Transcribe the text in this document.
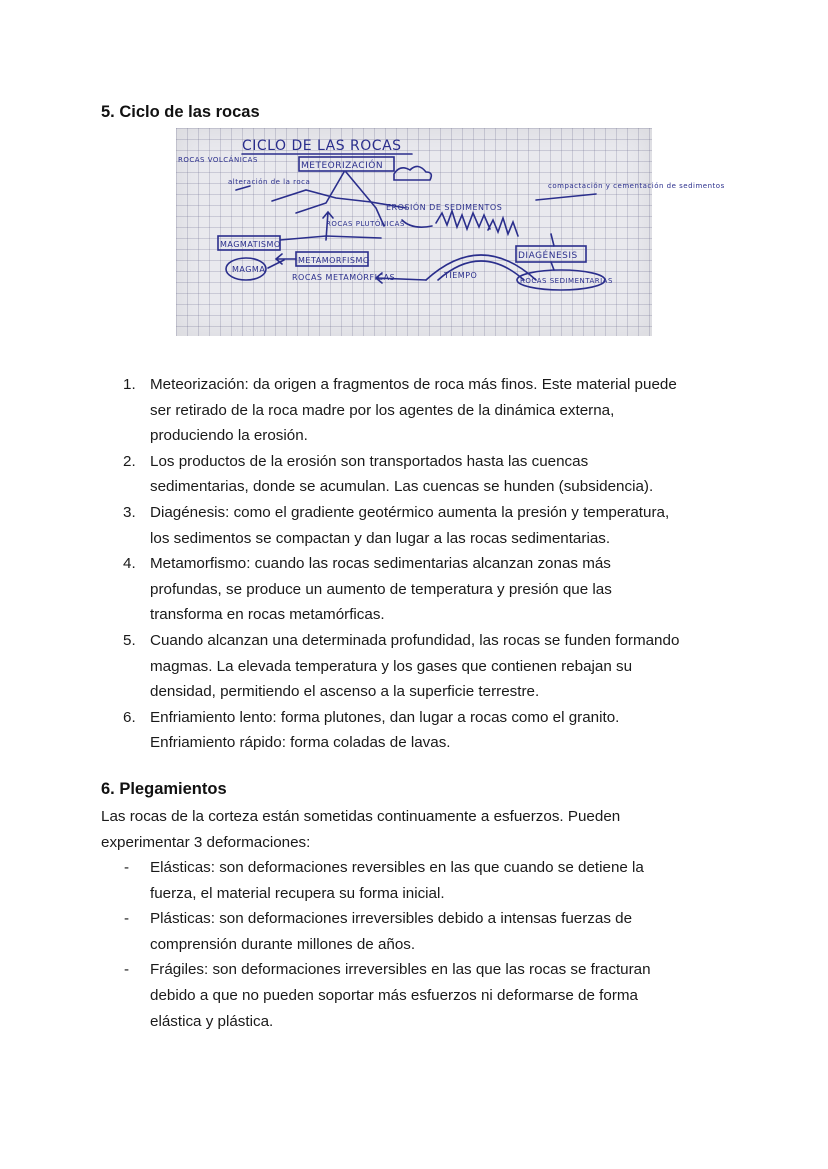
5. Ciclo de las rocas
CICLO DE LAS ROCAS
ROCAS VOLCÁNICAS
METEORIZACIÓN
alteración de la roca
EROSIÓN DE SEDIMENTOS
compactación y cementación de sedimentos
ROCAS PLUTÓNICAS
MAGMATISMO
MAGMA
METAMORFISMO
ROCAS METAMÓRFICAS
DIAGÉNESIS
ROCAS SEDIMENTARIAS
TIEMPO
1. Meteorización: da origen a fragmentos de roca más finos. Este material puede
ser retirado de la roca madre por los agentes de la dinámica externa,
produciendo la erosión.
2. Los productos de la erosión son transportados hasta las cuencas
sedimentarias, donde se acumulan. Las cuencas se hunden (subsidencia).
3. Diagénesis: como el gradiente geotérmico aumenta la presión y temperatura,
los sedimentos se compactan y dan lugar a las rocas sedimentarias.
4. Metamorfismo: cuando las rocas sedimentarias alcanzan zonas más
profundas, se produce un aumento de temperatura y presión que las
transforma en rocas metamórficas.
5. Cuando alcanzan una determinada profundidad, las rocas se funden formando
magmas. La elevada temperatura y los gases que contienen rebajan su
densidad, permitiendo el ascenso a la superficie terrestre.
6. Enfriamiento lento: forma plutones, dan lugar a rocas como el granito.
Enfriamiento rápido: forma coladas de lavas.
6. Plegamientos

Las rocas de la corteza están sometidas continuamente a esfuerzos. Pueden
experimentar 3 deformaciones:

- Elásticas: son deformaciones reversibles en las que cuando se detiene la
fuerza, el material recupera su forma inicial.
- Plásticas: son deformaciones irreversibles debido a intensas fuerzas de
comprensión durante millones de años.
- Frágiles: son deformaciones irreversibles en las que las rocas se fracturan
debido a que no pueden soportar más esfuerzos ni deformarse de forma
elástica y plástica.
